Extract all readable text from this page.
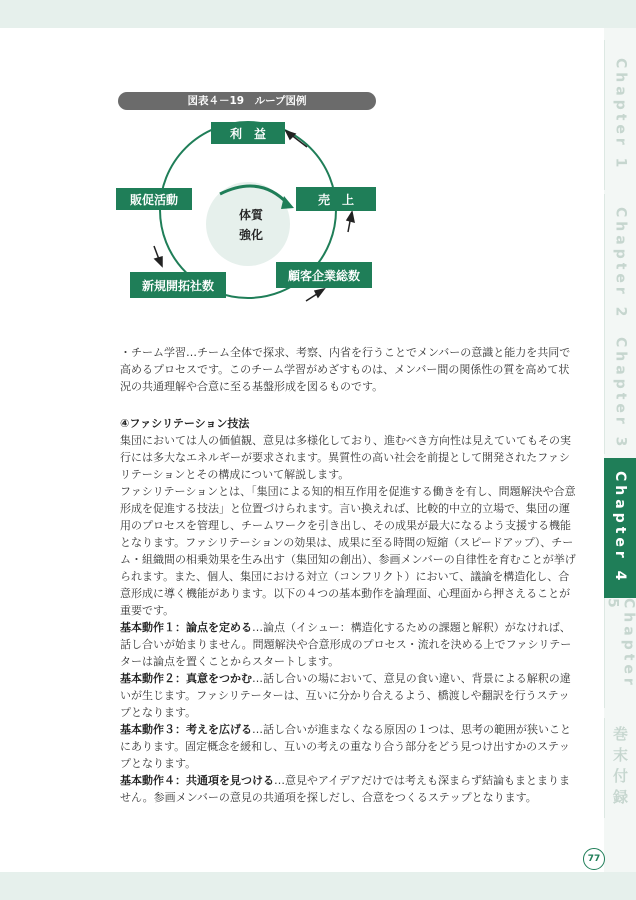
Chapter 1
Chapter 2
Chapter 3
Chapter 4
Chapter 5
巻末付録
図表４－19　ループ図例
利　益
売　上
顧客企業総数
新規開拓社数
販促活動
体質
強化

・チーム学習…チーム全体で探求、考察、内省を行うことでメンバーの意識と能力を共同で高めるプロセスです。このチーム学習がめざすものは、メンバー間の関係性の質を高めて状況の共通理解や合意に至る基盤形成を図るものです。

④ファシリテーション技法

集団においては人の価値観、意見は多様化しており、進むべき方向性は見えていてもその実行には多大なエネルギーが要求されます。異質性の高い社会を前提として開発されたファシリテーションとその構成について解説します。

ファシリテーションとは、「集団による知的相互作用を促進する働きを有し、問題解決や合意形成を促進する技法」と位置づけられます。言い換えれば、比較的中立的立場で、集団の運用のプロセスを管理し、チームワークを引き出し、その成果が最大になるよう支援する機能となります。ファシリテーションの効果は、成果に至る時間の短縮（スピードアップ）、チーム・組織間の相乗効果を生み出す（集団知の創出）、参画メンバーの自律性を育むことが挙げられます。また、個人、集団における対立（コンフリクト）において、議論を構造化し、合意形成に導く機能があります。以下の４つの基本動作を論理面、心理面から押さえることが重要です。

基本動作１：論点を定める…論点（イシュー：構造化するための課題と解釈）がなければ、話し合いが始まりません。問題解決や合意形成のプロセス・流れを決める上でファシリテーターは論点を置くことからスタートします。

基本動作２：真意をつかむ…話し合いの場において、意見の食い違い、背景による解釈の違いが生じます。ファシリテーターは、互いに分かり合えるよう、橋渡しや翻訳を行うステップとなります。

基本動作３：考えを広げる…話し合いが進まなくなる原因の１つは、思考の範囲が狭いことにあります。固定概念を緩和し、互いの考えの重なり合う部分をどう見つけ出すかのステップとなります。

基本動作４：共通項を見つける…意見やアイデアだけでは考えも深まらず結論もまとまりません。参画メンバーの意見の共通項を探しだし、合意をつくるステップとなります。

77
